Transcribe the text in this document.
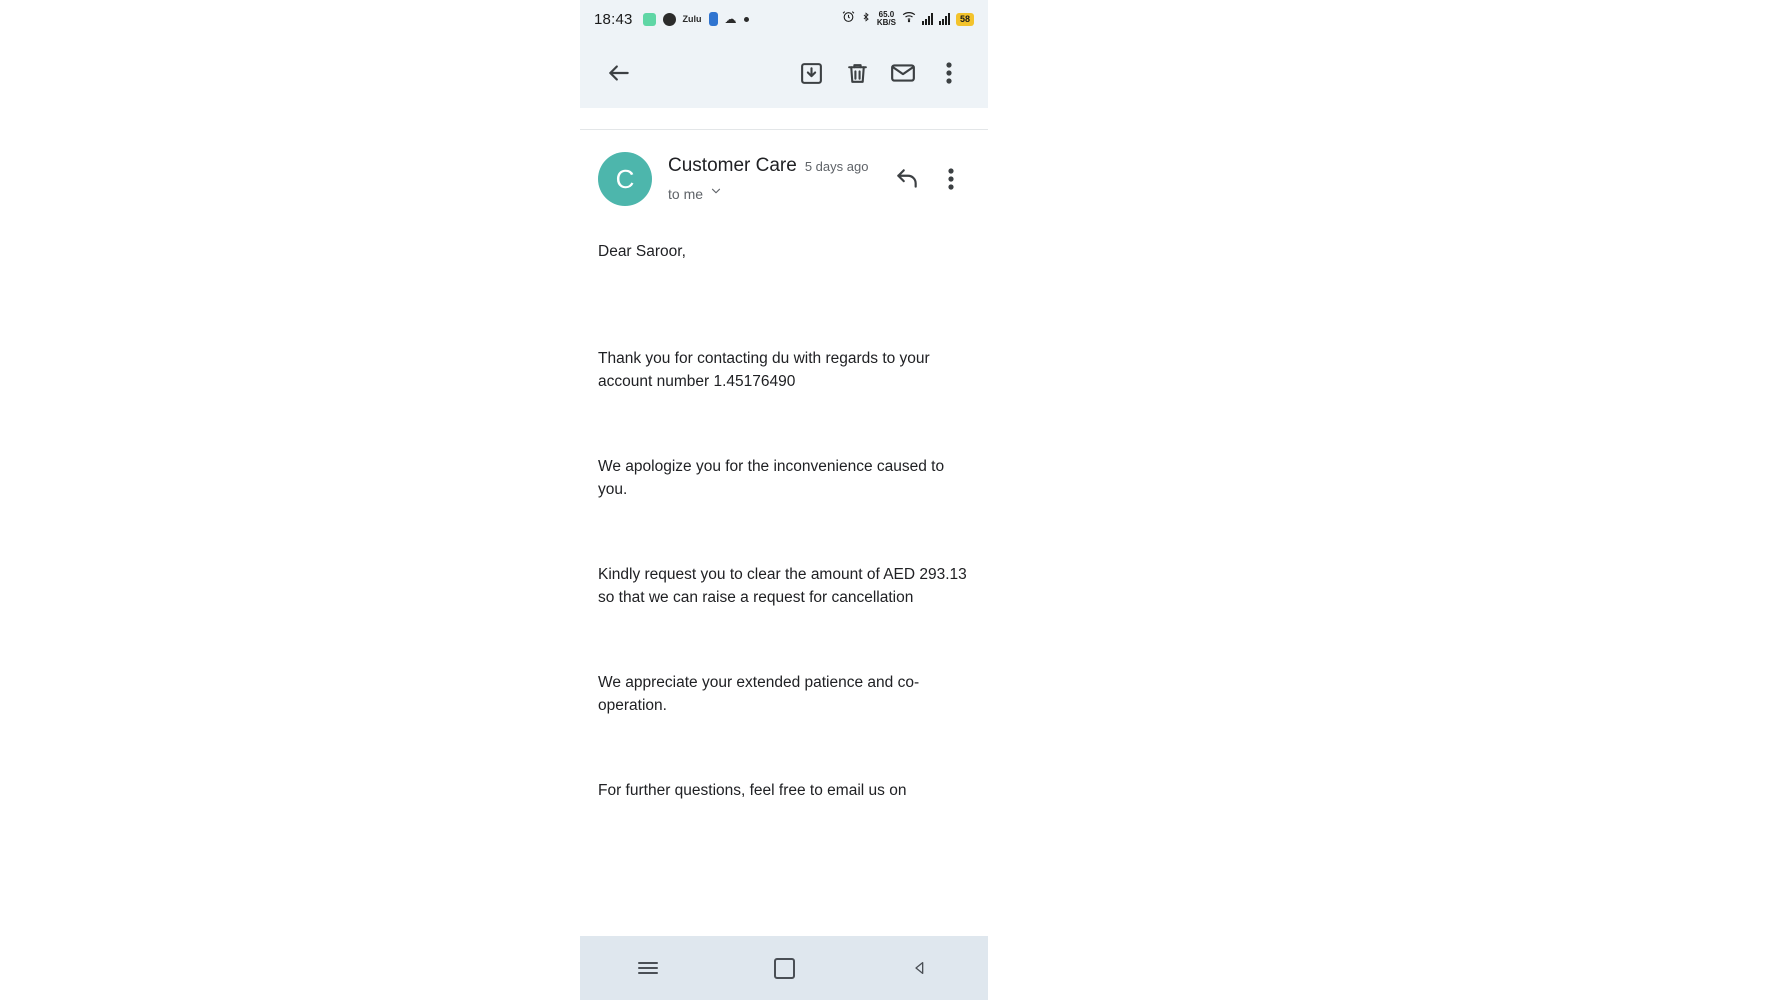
18:43	Zulu ☁	65.0
KB/S	58
C	Customer Care 5 days ago
to me

Dear Saroor,

Thank you for contacting du with regards to your account number 1.45176490

We apologize you for the inconvenience caused to you.

Kindly request you to clear the amount of AED 293.13 so that we can raise a request for cancellation

We appreciate your extended patience and co-operation.

For further questions, feel free to email us on
